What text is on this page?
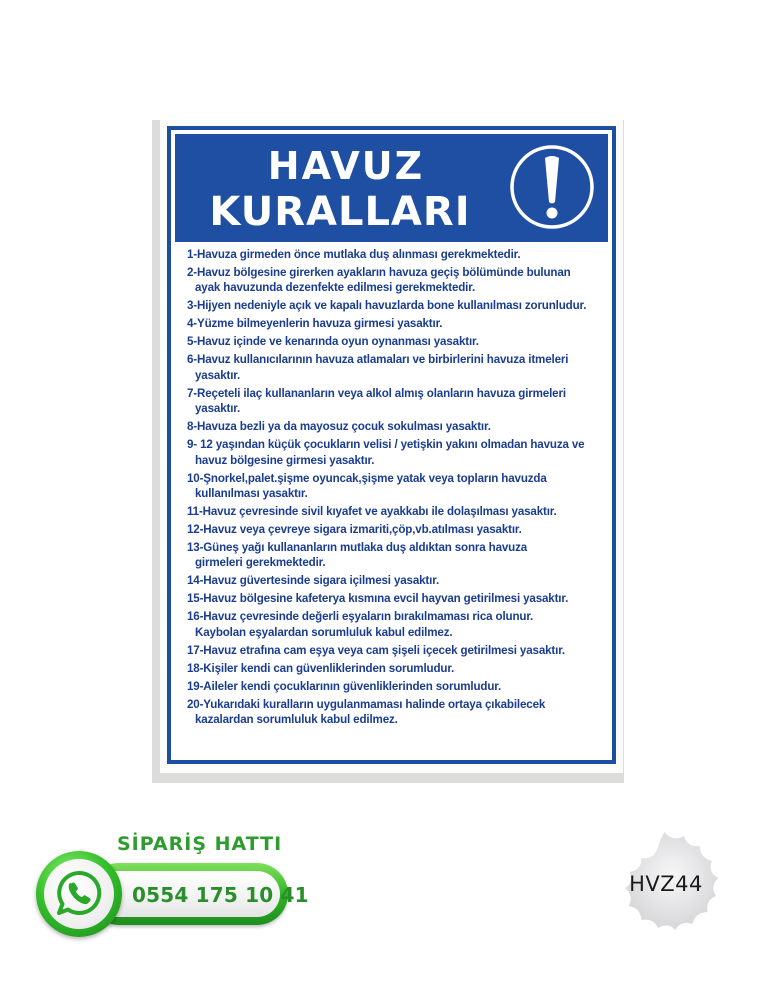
HAVUZ
KURALLARI
1-Havuza girmeden önce mutlaka duş alınması gerekmektedir.
2-Havuz bölgesine girerken ayakların havuza geçiş bölümünde bulunan
ayak havuzunda dezenfekte edilmesi gerekmektedir.
3-Hijyen nedeniyle açık ve kapalı havuzlarda bone kullanılması zorunludur.
4-Yüzme bilmeyenlerin havuza girmesi yasaktır.
5-Havuz içinde ve kenarında oyun oynanması yasaktır.
6-Havuz kullanıcılarının havuza atlamaları ve birbirlerini havuza itmeleri
yasaktır.
7-Reçeteli ilaç kullananların veya alkol almış olanların havuza girmeleri
yasaktır.
8-Havuza bezli ya da mayosuz çocuk sokulması yasaktır.
9- 12 yaşından küçük çocukların velisi / yetişkin yakını olmadan havuza ve
havuz bölgesine girmesi yasaktır.
10-Şnorkel,palet.şişme oyuncak,şişme yatak veya topların havuzda
kullanılması yasaktır.
11-Havuz çevresinde sivil kıyafet ve ayakkabı ile dolaşılması yasaktır.
12-Havuz veya çevreye sigara izmariti,çöp,vb.atılması yasaktır.
13-Güneş yağı kullananların mutlaka duş aldıktan sonra havuza
girmeleri gerekmektedir.
14-Havuz güvertesinde sigara içilmesi yasaktır.
15-Havuz bölgesine kafeterya kısmına evcil hayvan getirilmesi yasaktır.
16-Havuz çevresinde değerli eşyaların bırakılmaması rica olunur.
Kaybolan eşyalardan sorumluluk kabul edilmez.
17-Havuz etrafına cam eşya veya cam şişeli içecek getirilmesi yasaktır.
18-Kişiler kendi can güvenliklerinden sorumludur.
19-Aileler kendi çocuklarının güvenliklerinden sorumludur.
20-Yukarıdaki kuralların uygulanmaması halinde ortaya çıkabilecek
kazalardan sorumluluk kabul edilmez.
SİPARİŞ HATTI
0554 175 10 41	HVZ44
